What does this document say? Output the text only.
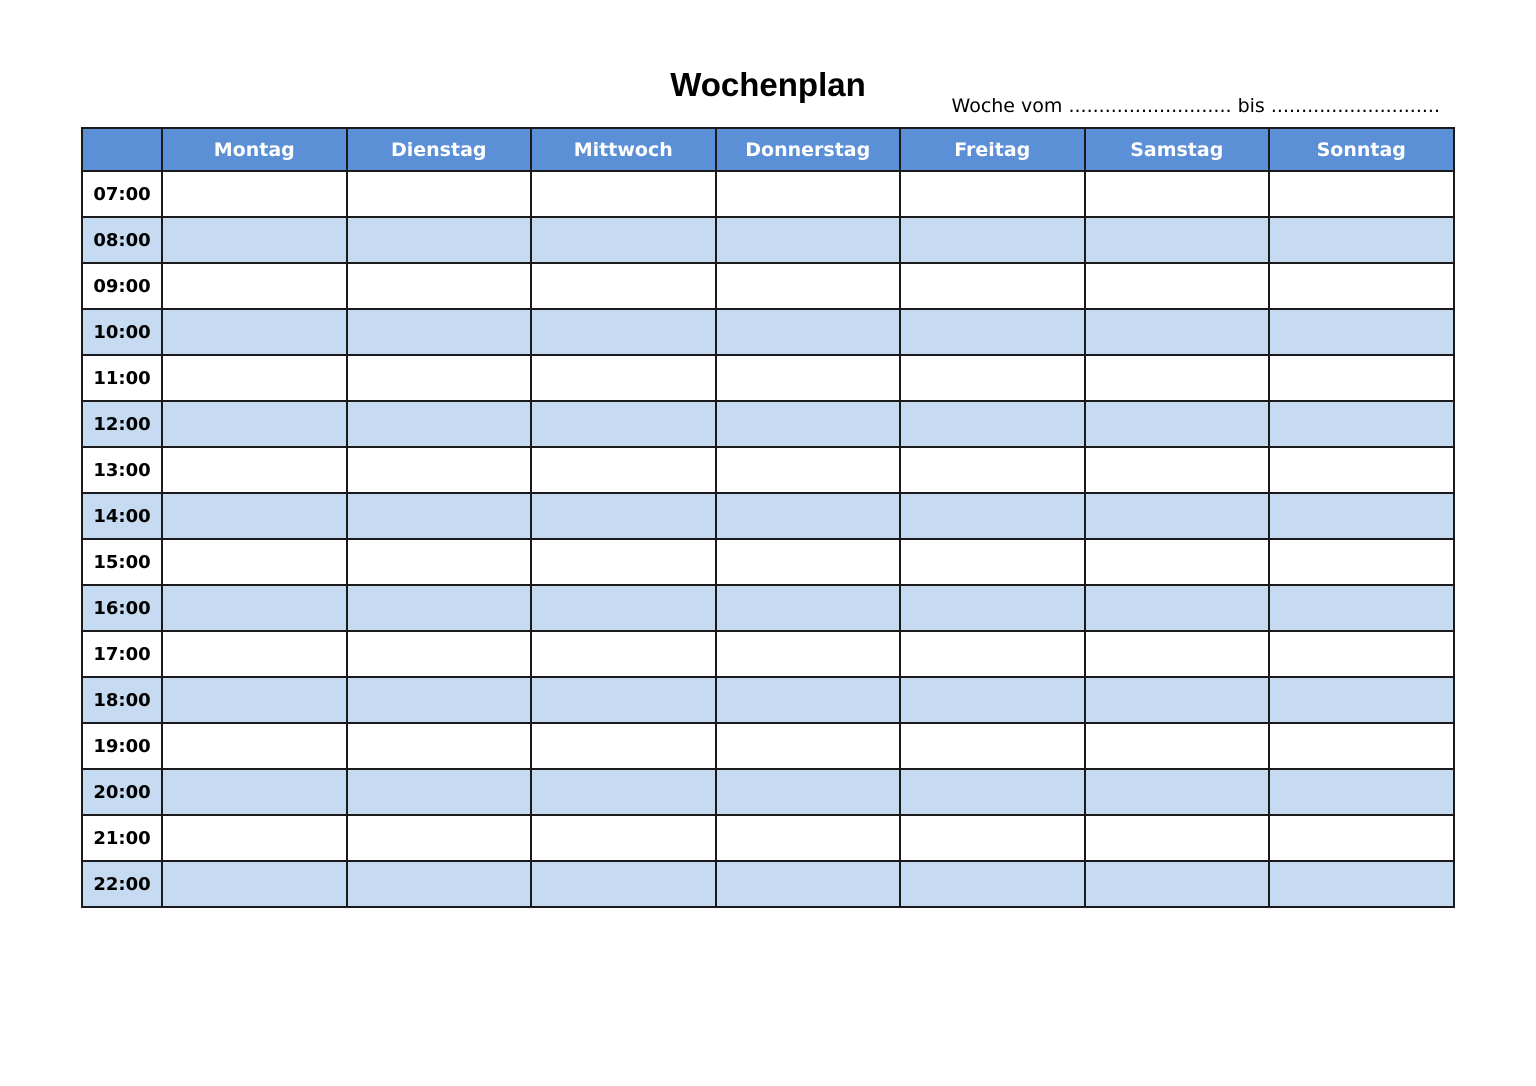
Wochenplan
Woche vom ........................... bis ............................
	Montag	Dienstag	Mittwoch	Donnerstag	Freitag	Samstag	Sonntag
07:00							
08:00							
09:00							
10:00							
11:00							
12:00							
13:00							
14:00							
15:00							
16:00							
17:00							
18:00							
19:00							
20:00							
21:00							
22:00							
